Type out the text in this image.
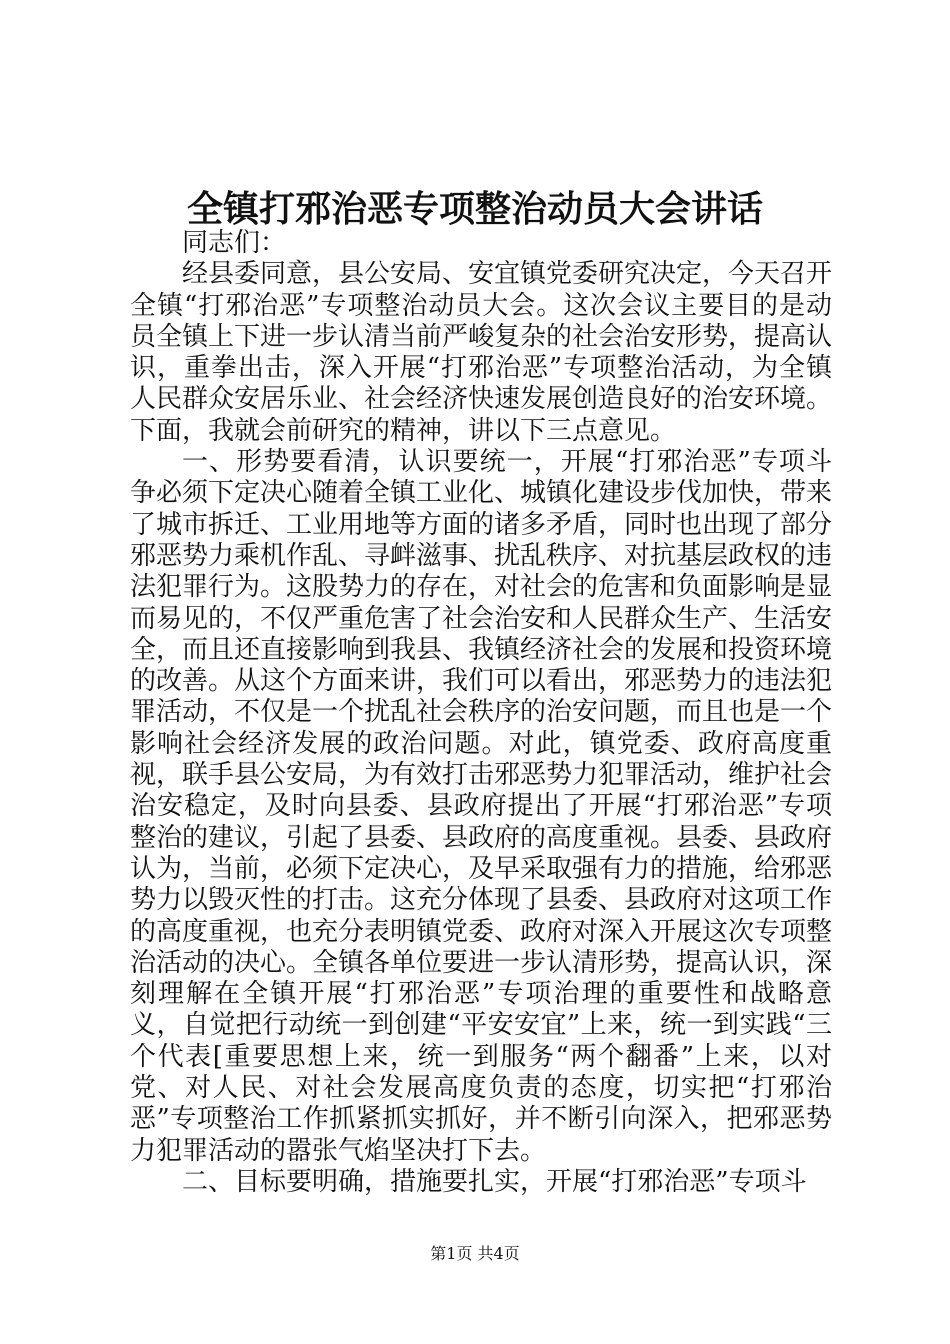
全镇打邪治恶专项整治动员大会讲话

同志们：

经县委同意，县公安局、安宜镇党委研究决定，今天召开全镇“打邪治恶”专项整治动员大会。这次会议主要目的是动员全镇上下进一步认清当前严峻复杂的社会治安形势，提高认识，重拳出击，深入开展“打邪治恶”专项整治活动，为全镇人民群众安居乐业、社会经济快速发展创造良好的治安环境。下面，我就会前研究的精神，讲以下三点意见。

一、形势要看清，认识要统一，开展“打邪治恶”专项斗争必须下定决心随着全镇工业化、城镇化建设步伐加快，带来了城市拆迁、工业用地等方面的诸多矛盾，同时也出现了部分邪恶势力乘机作乱、寻衅滋事、扰乱秩序、对抗基层政权的违法犯罪行为。这股势力的存在，对社会的危害和负面影响是显而易见的，不仅严重危害了社会治安和人民群众生产、生活安全，而且还直接影响到我县、我镇经济社会的发展和投资环境的改善。从这个方面来讲，我们可以看出，邪恶势力的违法犯罪活动，不仅是一个扰乱社会秩序的治安问题，而且也是一个影响社会经济发展的政治问题。对此，镇党委、政府高度重视，联手县公安局，为有效打击邪恶势力犯罪活动，维护社会治安稳定，及时向县委、县政府提出了开展“打邪治恶”专项整治的建议，引起了县委、县政府的高度重视。县委、县政府认为，当前，必须下定决心，及早采取强有力的措施，给邪恶势力以毁灭性的打击。这充分体现了县委、县政府对这项工作的高度重视，也充分表明镇党委、政府对深入开展这次专项整治活动的决心。全镇各单位要进一步认清形势，提高认识，深刻理解在全镇开展“打邪治恶”专项治理的重要性和战略意义，自觉把行动统一到创建“平安安宜”上来，统一到实践“三个代表[重要思想上来，统一到服务“两个翻番”上来，以对党、对人民、对社会发展高度负责的态度，切实把“打邪治恶”专项整治工作抓紧抓实抓好，并不断引向深入，把邪恶势力犯罪活动的嚣张气焰坚决打下去。

二、目标要明确，措施要扎实，开展“打邪治恶”专项斗

第1页 共4页
